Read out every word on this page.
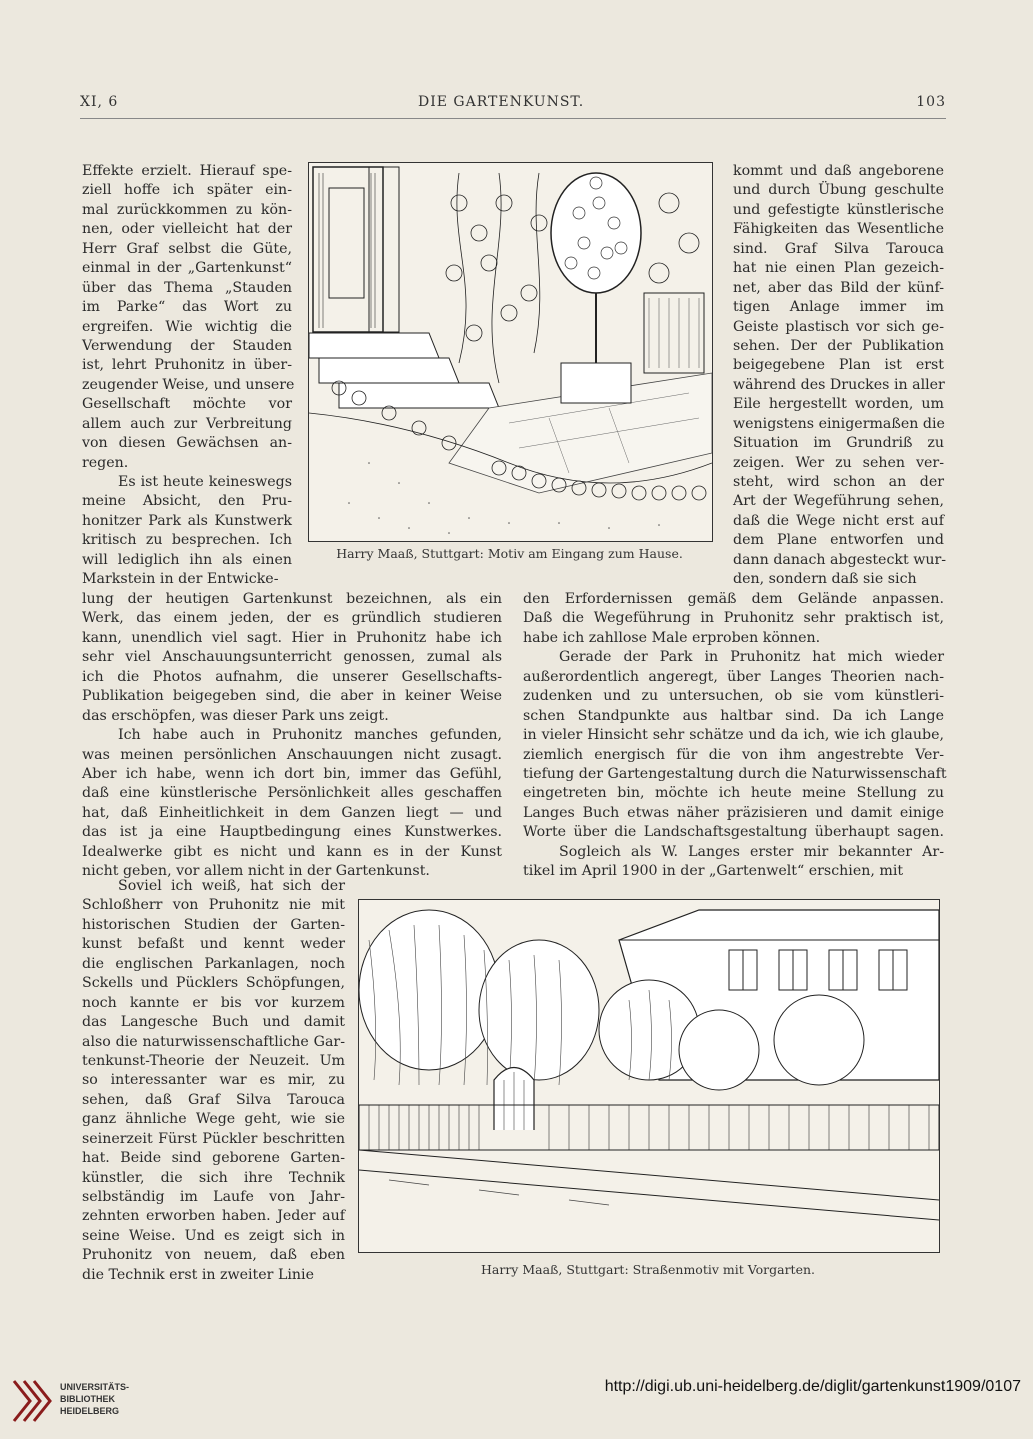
XI, 6	DIE GARTENKUNST.	103
Effekte erzielt. Hierauf spe-
ziell hoffe ich später ein-
mal zurückkommen zu kön-
nen, oder vielleicht hat der
Herr Graf selbst die Güte,
einmal in der „Gartenkunst“
über das Thema „Stauden
im Parke“ das Wort zu
ergreifen. Wie wichtig die
Verwendung der Stauden
ist, lehrt Pruhonitz in über-
zeugender Weise, und unsere
Gesellschaft möchte vor
allem auch zur Verbreitung
von diesen Gewächsen an-
regen.
Es ist heute keineswegs
meine Absicht, den Pru-
honitzer Park als Kunstwerk
kritisch zu besprechen. Ich
will lediglich ihn als einen
Markstein in der Entwicke-
kommt und daß angeborene
und durch Übung geschulte
und gefestigte künstlerische
Fähigkeiten das Wesentliche
sind. Graf Silva Tarouca
hat nie einen Plan gezeich-
net, aber das Bild der künf-
tigen Anlage immer im
Geiste plastisch vor sich ge-
sehen. Der der Publikation
beigegebene Plan ist erst
während des Druckes in aller
Eile hergestellt worden, um
wenigstens einigermaßen die
Situation im Grundriß zu
zeigen. Wer zu sehen ver-
steht, wird schon an der
Art der Wegeführung sehen,
daß die Wege nicht erst auf
dem Plane entworfen und
dann danach abgesteckt wur-
den, sondern daß sie sich
Harry Maaß, Stuttgart: Motiv am Eingang zum Hause.
lung der heutigen Gartenkunst bezeichnen, als ein
Werk, das einem jeden, der es gründlich studieren
kann, unendlich viel sagt. Hier in Pruhonitz habe ich
sehr viel Anschauungsunterricht genossen, zumal als
ich die Photos aufnahm, die unserer Gesellschafts-
Publikation beigegeben sind, die aber in keiner Weise
das erschöpfen, was dieser Park uns zeigt.
Ich habe auch in Pruhonitz manches gefunden,
was meinen persönlichen Anschauungen nicht zusagt.
Aber ich habe, wenn ich dort bin, immer das Gefühl,
daß eine künstlerische Persönlichkeit alles geschaffen
hat, daß Einheitlichkeit in dem Ganzen liegt — und
das ist ja eine Hauptbedingung eines Kunstwerkes.
Idealwerke gibt es nicht und kann es in der Kunst
nicht geben, vor allem nicht in der Gartenkunst.
den Erfordernissen gemäß dem Gelände anpassen.
Daß die Wegeführung in Pruhonitz sehr praktisch ist,
habe ich zahllose Male erproben können.
Gerade der Park in Pruhonitz hat mich wieder
außerordentlich angeregt, über Langes Theorien nach-
zudenken und zu untersuchen, ob sie vom künstleri-
schen Standpunkte aus haltbar sind. Da ich Lange
in vieler Hinsicht sehr schätze und da ich, wie ich glaube,
ziemlich energisch für die von ihm angestrebte Ver-
tiefung der Gartengestaltung durch die Naturwissenschaft
eingetreten bin, möchte ich heute meine Stellung zu
Langes Buch etwas näher präzisieren und damit einige
Worte über die Landschaftsgestaltung überhaupt sagen.
Sogleich als W. Langes erster mir bekannter Ar-
tikel im April 1900 in der „Gartenwelt“ erschien, mit
Soviel ich weiß, hat sich der
Schloßherr von Pruhonitz nie mit
historischen Studien der Garten-
kunst befaßt und kennt weder
die englischen Parkanlagen, noch
Sckells und Pücklers Schöpfungen,
noch kannte er bis vor kurzem
das Langesche Buch und damit
also die naturwissenschaftliche Gar-
tenkunst-Theorie der Neuzeit. Um
so interessanter war es mir, zu
sehen, daß Graf Silva Tarouca
ganz ähnliche Wege geht, wie sie
seinerzeit Fürst Pückler beschritten
hat. Beide sind geborene Garten-
künstler, die sich ihre Technik
selbständig im Laufe von Jahr-
zehnten erworben haben. Jeder auf
seine Weise. Und es zeigt sich in
Pruhonitz von neuem, daß eben
die Technik erst in zweiter Linie	Harry Maaß, Stuttgart: Straßenmotiv mit Vorgarten.
UNIVERSITÄTS-
BIBLIOTHEK
HEIDELBERG
http://digi.ub.uni-heidelberg.de/diglit/gartenkunst1909/0107
